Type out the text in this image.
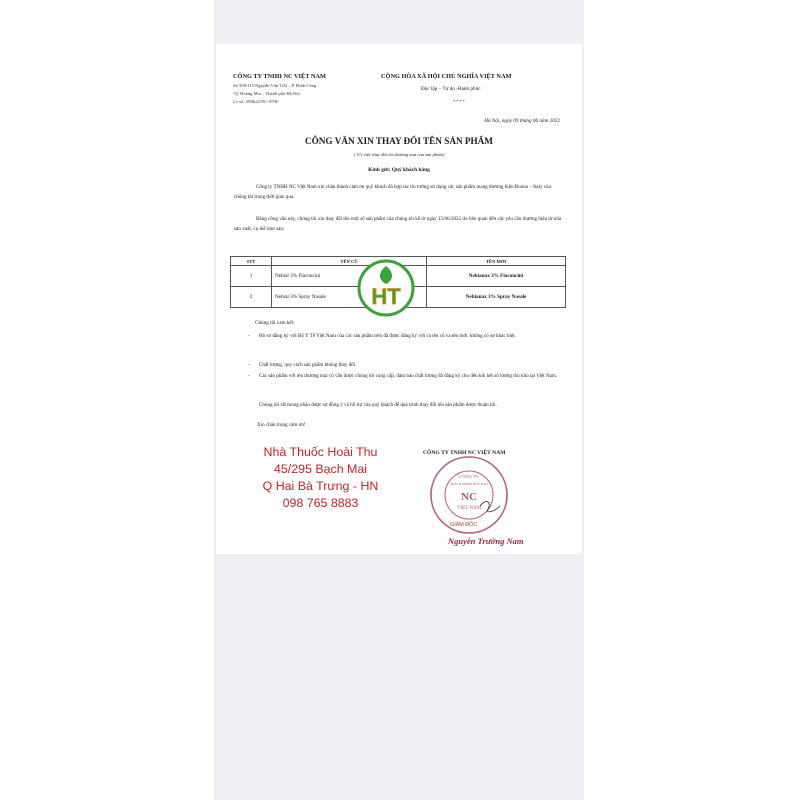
CÔNG TY TNHH NC VIỆT NAM
Số 508/115 Nguyễn Văn Trỗi – P. Định Công
-Q. Hoàng Mai – Thành phố Hà Nội
Cv số: 090622/NC-NTW
CỘNG HÒA XÃ HỘI CHỦ NGHĨA VIỆT NAM
Độc lập – Tự do -Hạnh phúc
****
Hà Nội, ngày 09 tháng 06 năm 2022
CÔNG VĂN XIN THAY ĐỔI TÊN SẢN PHẨM
( V/v việc thay đổi tên thương mại của sản phẩm)
Kính gửi: Quý khách hàng
Công ty TNHH NC Việt Nam xin chân thành cảm ơn quý khách đã hợp tác tin tưởng sử dụng các sản phẩm mang thương hiệu Buona – Italy của chúng tôi trong thời gian qua.
Bằng công văn này, chúng tôi xin thay đổi tên một số sản phẩm của chúng tôi kể từ ngày 15/06/2022 do liên quan đến các yêu cầu thương hiệu từ nhà sản xuất, cụ thể như sau:
STT	TÊN CŨ	TÊN MỚI
1	Nebial 3% Flaconcini	Nebianax 3% Flaconcini
2	Nebial 3% Spray Nasale	Nebianax 3% Spray Nasale
HT
Chúng tôi cam kết:
- Hồ sơ đăng ký với Bộ Y Tế Việt Nam của các sản phẩm trên đã được đăng ký với cả tên cũ và tên mới, không có sự khác biệt.
- Chất lượng, quy cách sản phẩm không thay đổi.
- Các sản phẩm với tên thương mại cũ vẫn được chúng tôi cung cấp, đảm bảo chất lượng đã đăng ký cho đến khi hết số lượng tồn kho tại Việt Nam.
Chúng tôi rất mong nhận được sự đồng ý và hỗ trợ của quý khách để quá trình thay đổi tên sản phẩm được thuận lợi.
Xin chân trọng cảm ơn!
Nhà Thuốc Hoài Thu
45/295 Bạch Mai
Q Hai Bà Trưng - HN
098 765 8883
CÔNG TY TNHH NC VIỆT NAM
CÔNG TY
TRÁCH NHIỆM HỮU HẠN
NC
VIỆT NAM
GIÁM ĐỐC
Nguyễn Trường Nam
